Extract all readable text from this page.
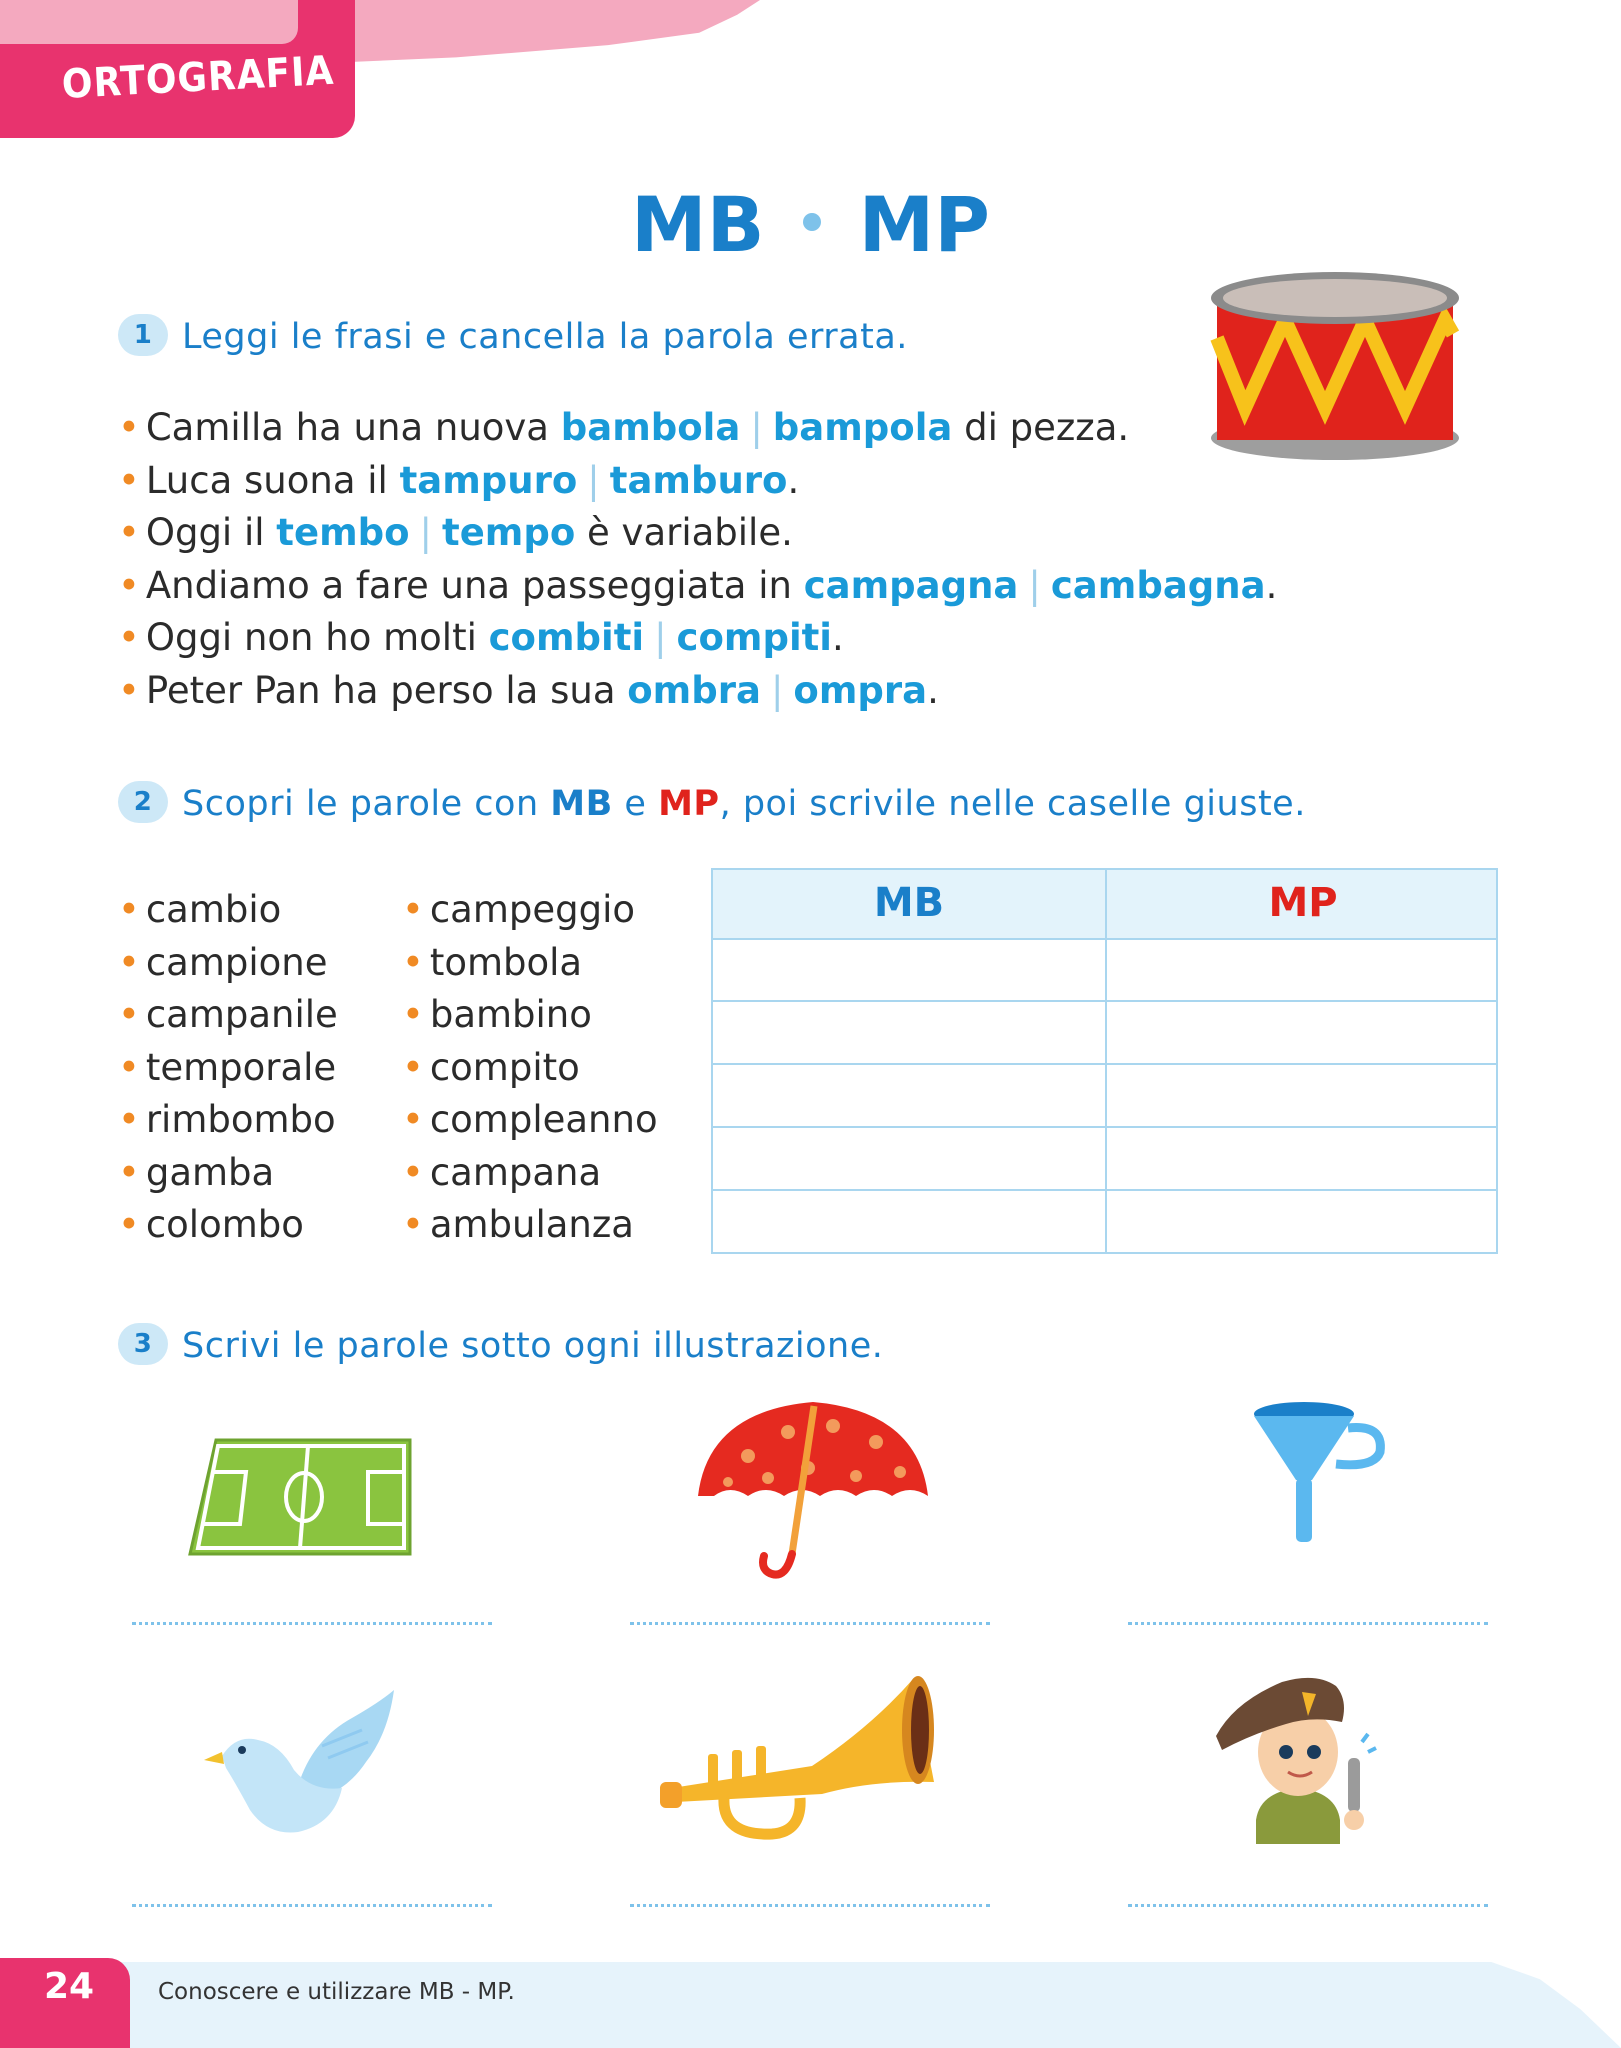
ORTOGRAFIA
MB MP
1 Leggi le frasi e cancella la parola errata.
• Camilla ha una nuova bambola | bampola di pezza.
• Luca suona il tampuro | tamburo.
• Oggi il tembo | tempo è variabile.
• Andiamo a fare una passeggiata in campagna | cambagna.
• Oggi non ho molti combiti | compiti.
• Peter Pan ha perso la sua ombra | ompra.
2 Scopri le parole con MB e MP, poi scrivile nelle caselle giuste.
• cambio
• campione
• campanile
• temporale
• rimbombo
• gamba
• colombo
• campeggio
• tombola
• bambino
• compito
• compleanno
• campana
• ambulanza
MB	MP
3 Scrivi le parole sotto ogni illustrazione.
24	Conoscere e utilizzare MB - MP.
